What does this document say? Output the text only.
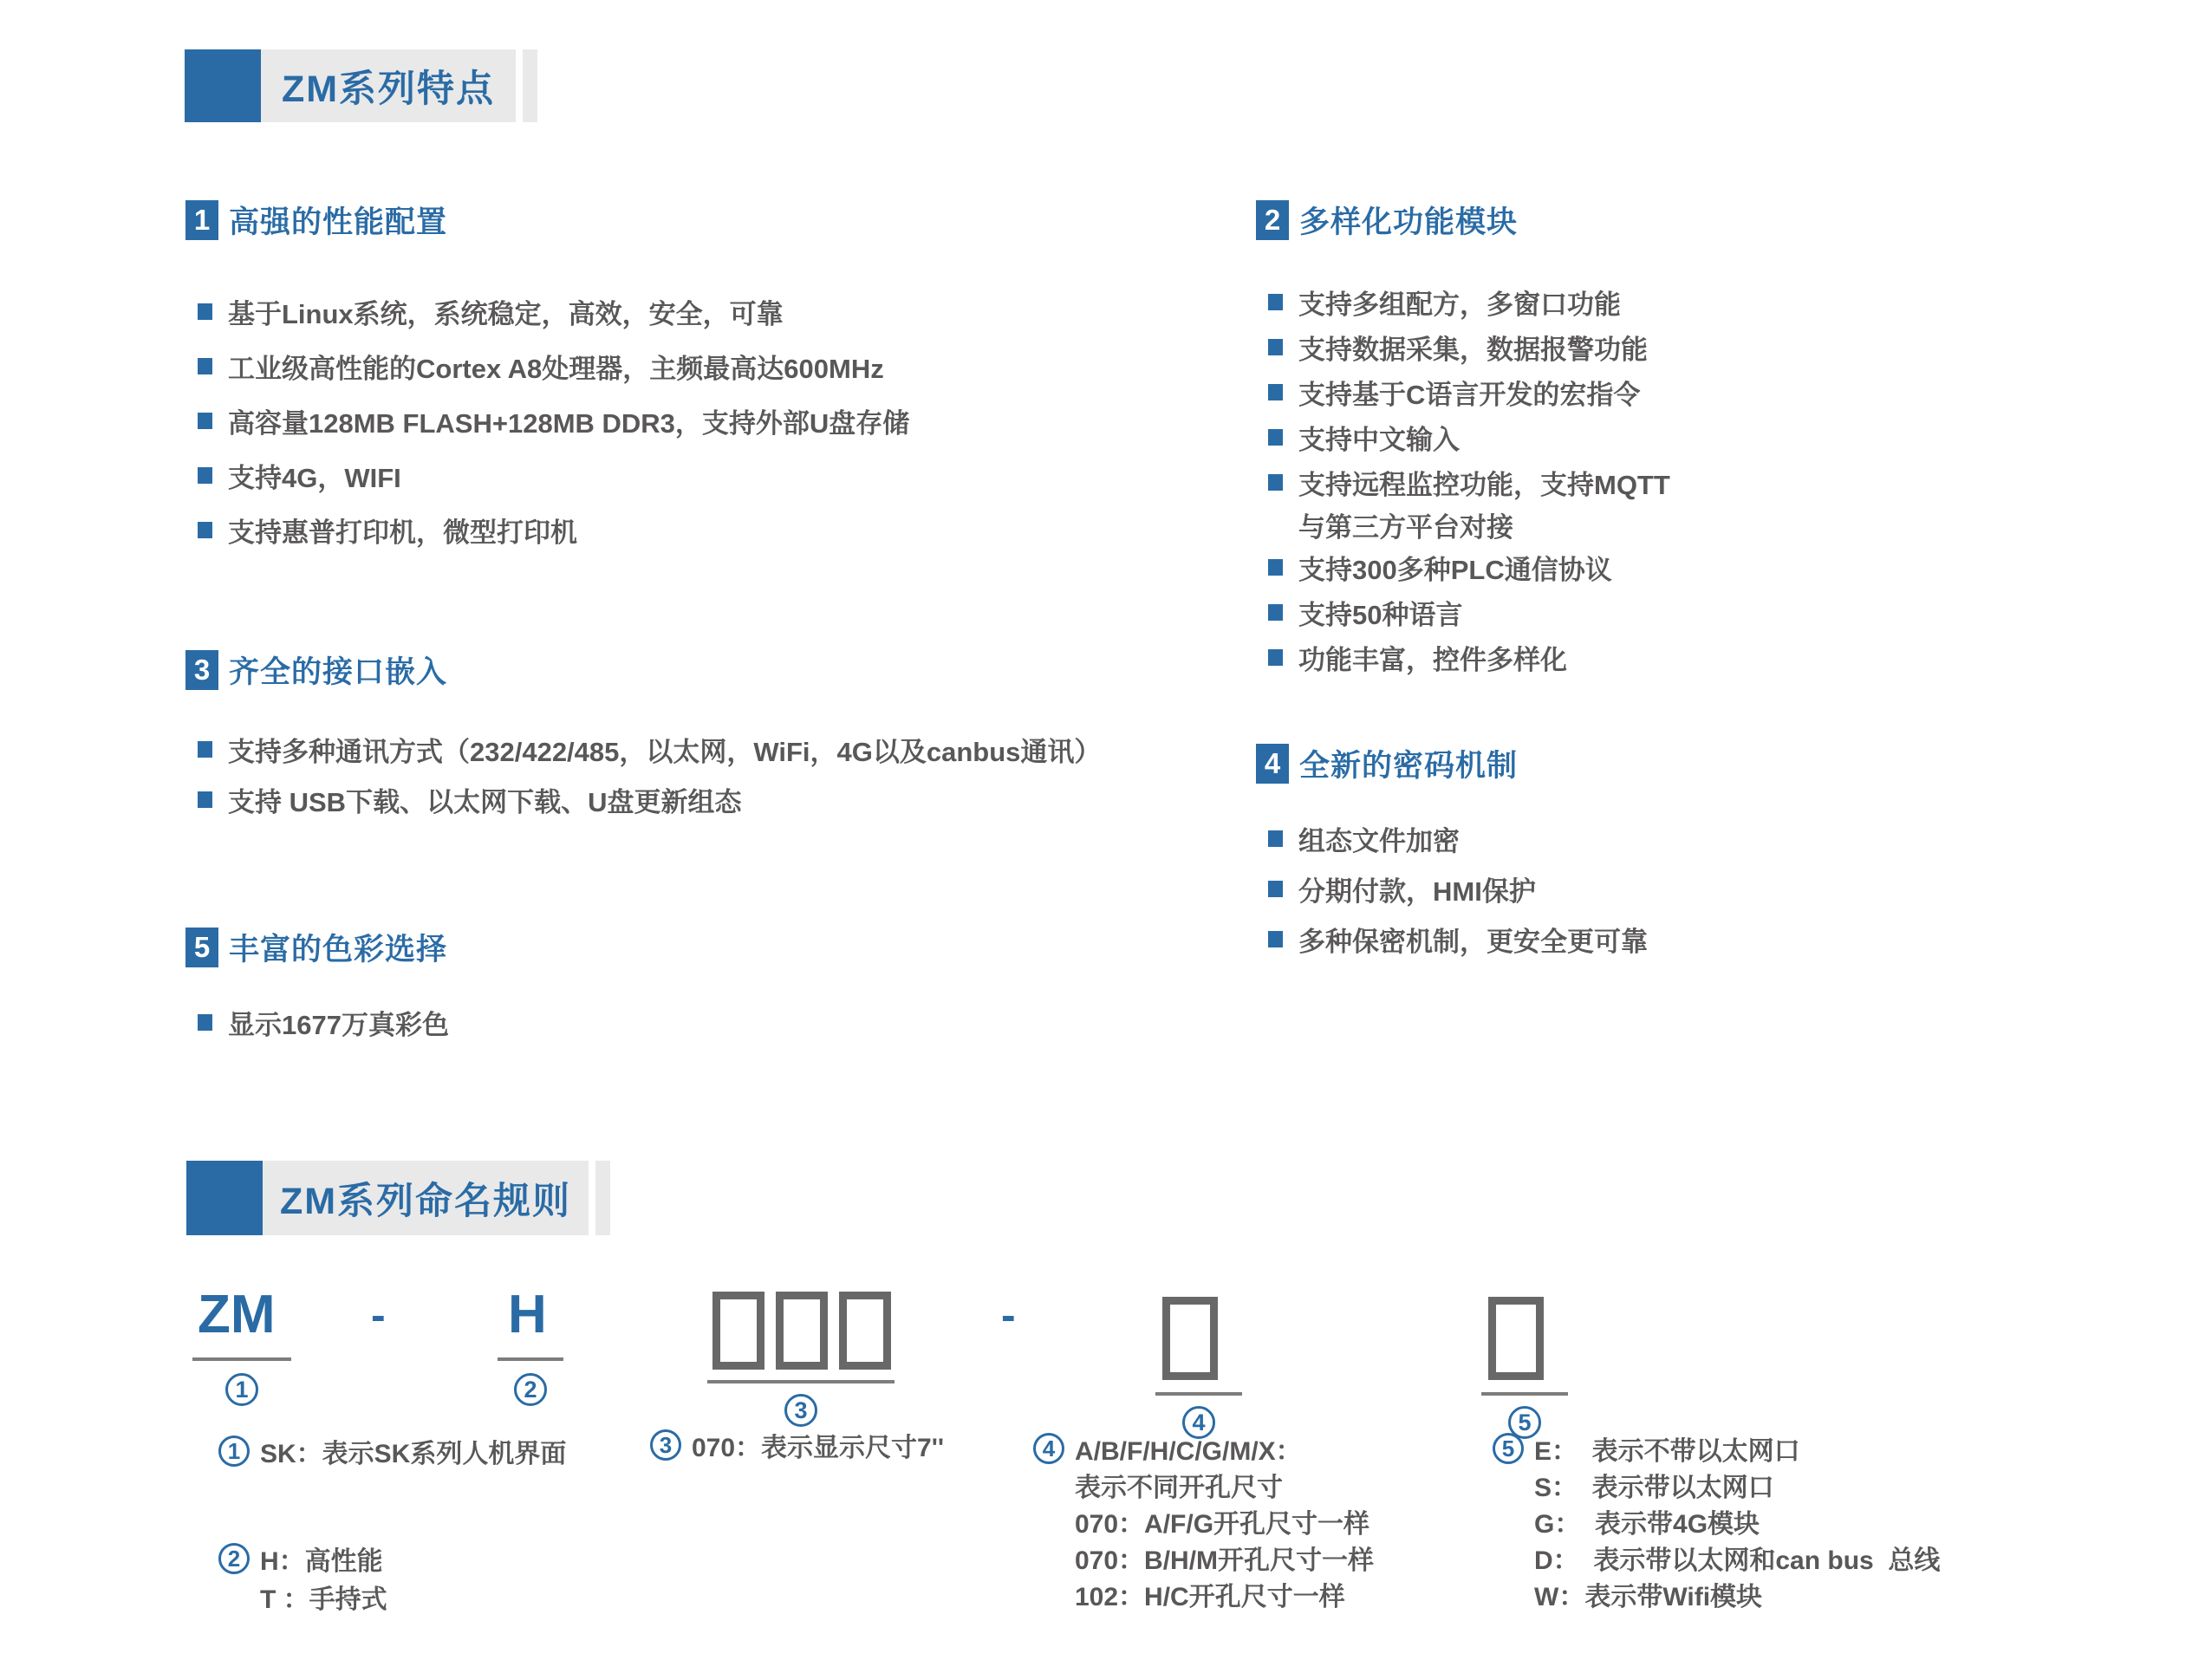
ZM系列特点
1 高强的性能配置
基于Linux系统，系统稳定，高效，安全，可靠
工业级高性能的Cortex A8处理器，主频最高达600MHz
高容量128MB FLASH+128MB DDR3，支持外部U盘存储
支持4G，WIFI
支持惠普打印机，微型打印机
2 多样化功能模块
支持多组配方，多窗口功能
支持数据采集，数据报警功能
支持基于C语言开发的宏指令
支持中文输入
支持远程监控功能，支持MQTT
与第三方平台对接
支持300多种PLC通信协议
支持50种语言
功能丰富，控件多样化
3 齐全的接口嵌入
支持多种通讯方式（232/422/485，以太网，WiFi，4G以及canbus通讯）
支持 USB下载、以太网下载、U盘更新组态
4 全新的密码机制
组态文件加密
分期付款，HMI保护
多种保密机制，更安全更可靠
5 丰富的色彩选择
显示1677万真彩色
ZM系列命名规则
ZM - H	-
1	2
3	4	5
1 SK：表示SK系列人机界面
2 H：高性能
T ：手持式
3 070：表示显示尺寸7''	4 A/B/F/H/C/G/M/X：
表示不同开孔尺寸
070：A/F/G开孔尺寸一样
070：B/H/M开孔尺寸一样
102：H/C开孔尺寸一样
5 E：  表示不带以太网口
S：  表示带以太网口
G：  表示带4G模块
D：  表示带以太网和can bus  总线
W：表示带Wifi模块
